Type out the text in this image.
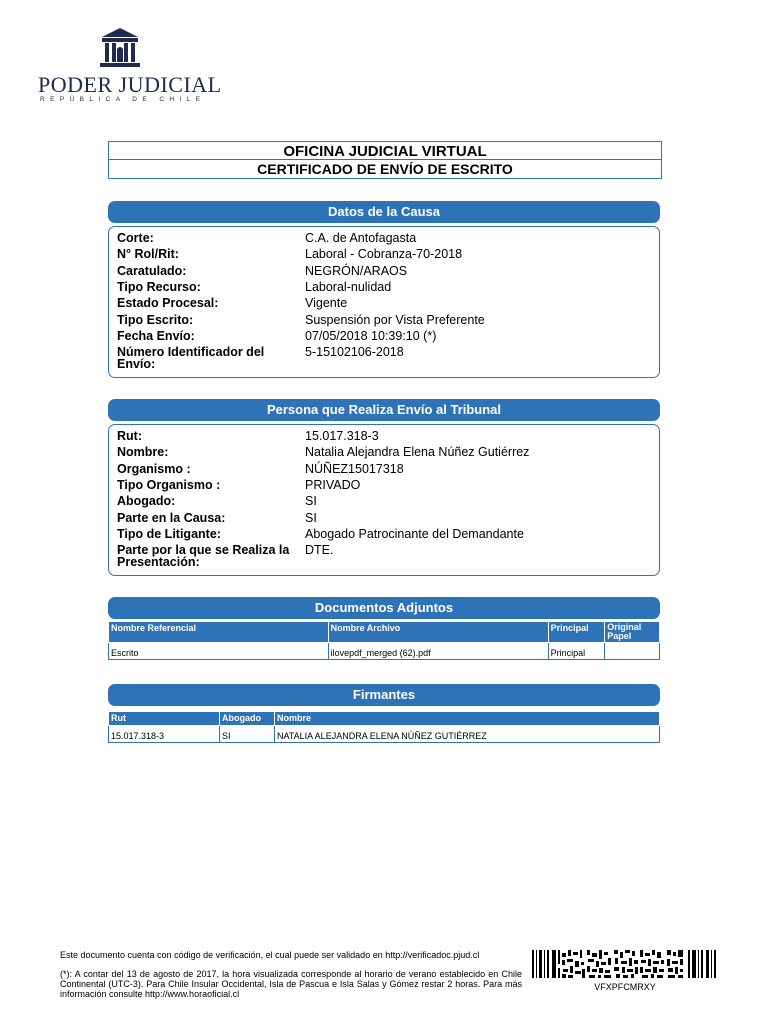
PODER JUDICIAL
REPÚBLICA DE CHILE
OFICINA JUDICIAL VIRTUAL
CERTIFICADO DE ENVÍO DE ESCRITO
Datos de la Causa
Corte:	C.A. de Antofagasta
N° Rol/Rit:	Laboral - Cobranza-70-2018
Caratulado:	NEGRÓN/ARAOS
Tipo Recurso:	Laboral-nulidad
Estado Procesal:	Vigente
Tipo Escrito:	Suspensión por Vista Preferente
Fecha Envío:	07/05/2018 10:39:10 (*)
Número Identificador del Envío:
5-15102106-2018
Persona que Realiza Envío al Tribunal
Rut:	15.017.318-3
Nombre:	Natalia Alejandra Elena Núñez Gutiérrez
Organismo :	NÚÑEZ15017318
Tipo Organismo :	PRIVADO
Abogado:	SI
Parte en la Causa:	SI
Tipo de Litigante:	Abogado Patrocinante del Demandante
Parte por la que se Realiza la Presentación:
DTE.
Documentos Adjuntos
Nombre Referencial	Nombre Archivo	Principal	Original Papel
Escrito	ilovepdf_merged (62).pdf	Principal	
Firmantes
Rut	Abogado	Nombre
15.017.318-3	SI	NATALIA ALEJANDRA ELENA NÚÑEZ GUTIÉRREZ

Este documento cuenta con código de verificación, el cual puede ser validado en http://verificadoc.pjud.cl

(*): A contar del 13 de agosto de 2017, la hora visualizada corresponde al horario de verano establecido en Chile Continental (UTC-3). Para Chile Insular Occidental, Isla de Pascua e Isla Salas y Gómez restar 2 horas. Para más información consulte http://www.horaoficial.cl

VFXPFCMRXY
